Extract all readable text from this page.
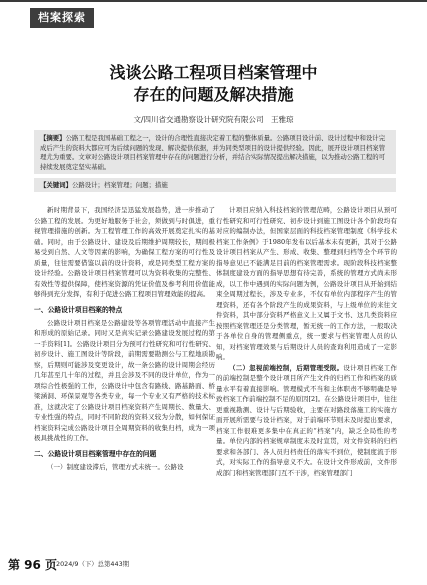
档案探索
浅谈公路工程项目档案管理中
存在的问题及解决措施
文/四川省交通勘察设计研究院有限公司　王雅琼
【摘要】公路工程是我国基础工程之一，设计的合理性直接决定着工程的整体质量。公路项目设计前、设计过程中和设计完成后产生的资料大都应可为后续问题的发现、解决提供依据，并为同类型项目的设计提供经验。因此，展开设计项目档案管理尤为重要。文章对公路设计项目档案管理中存在的问题进行分析，并结合实际情况提出解决措施，以为推动公路工程的可持续发展奠定坚实基础。
【关键词】公路设计；档案管理；问题；措施

新时期背景下，我国经济呈迅猛发展趋势，进一步推动了公路工程的发展。为更好地服务于社会，须做到与时俱进，重视管理措施的创新。为工程管理工作的高效开展奠定扎实的基础。同时，由于公路设计、建设及后期维护周期较长，期间极易受到自然、人文等因素的影响，为确保工程方案的可行性及质量，往往需要借鉴以前的设计资料，或是同类型工程方案的设计经验。公路设计项目档案管理可以为资料收集的完整性、有效性等提供保障，使档案资源的凭证价值及参考利用价值能够得到充分发挥，有利于促进公路工程项目管理效能的提高。

一、公路设计项目档案的特点

公路设计项目档案是公路建设等各项管理活动中直接产生和形成的原始记录。同时又是真实记录公路建设发展过程的第一手资料[1]。公路设计项目分为预可行性研究和可行性研究、初步设计、施工图设计等阶段，前期需要勘测公与工程地质勘察，后期则可能涉及变更设计，故一条公路的设计周期会经历几年甚至几十年的过程，并且会涉及不同的设计单位，作为一项综合性极强的工作，公路设计中包含有路线、路基路面、桥梁涵洞、环保景观等各类专业，每一个专业又有严格的技术标准，这就决定了公路设计项目档案资料产生周期长、数量大、专业性强的特点，同时不同阶段的资料又较为分散，如何保证档案资料完成公路设计项目全周期资料的收集归档，成为一项极具挑战性的工作。

二、公路设计项目档案管理中存在的问题

（一）制度建设滞后，管理方式未统一。公路设

计项目应纳入科技档案的管理范畴，公路设计项目从预可行性研究和可行性研究、初步设计到施工图设计各个阶段均有对应的编制办法，但国家层面的科技档案管理制度《科学技术档案工作条例》于1980年发布以后基本未有更新，其对于公路设计项目档案从产生、形成、收集、整理到归档等全个环节的指导意见已不能满足目前的档案管理需求。现阶段科技档案整体制度建设方面的指导思想有待完善，系统的管理方式尚未形成，以工作中遇到的实际问题为例，公路设计项目从开始到结束全周期过程长，涉及专业多，不仅有单位内部程序产生的管理资料，还有各个阶段产生的成果资料，与上级单位的来往文件资料，其中部分资料严格意义上又属于文书、这几类资料应按照档案管理还是分类管理，暂无统一的工作方法，一般取决于各单位自身的管理侧重点，统一要求与档案管理人员的认知，对档案管理效果与后期设计人员的查询利用造成了一定影响。

（二）忽视前端控制，后期管理受限。设计项目档案工作的前端控制是整个设计项目所产生文件的归档工作和档案的质量水平有着直接影响。管理模式不当和主体职责不够明确是导致档案工作前端控制不足的原因[2]。在公路设计项目中，往往更重视勘测、设计与后期验收，主要在对路段落施工的实施方面开展所需要与设计档案，对于前端环节则未及时提出要求，档案工作很难更多集中在真正的“档案”内，缺乏全局性的考量。单位内部的档案规章制度未及时宣贯，对文件资料的归档要求和各部门、各人员归档责任的落实不到位，使制度流于形式，对实际工作的指导意义不大。在设计文件形成前，文件形成部门和档案管理部门互不干涉，档案管理部门

第 96 页
2024/9（下）总第443期
